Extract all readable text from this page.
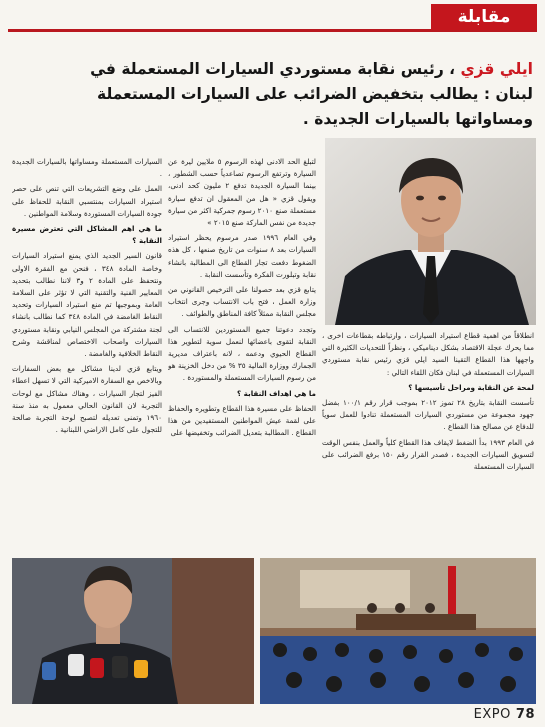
مقابلة
ايلي قزي ، رئيس نقابة مستوردي السيارات المستعملة في
لبنان : يطالب بتخفيض الضرائب على السيارات المستعملة
ومساواتها بالسيارات الجديدة .

انطلاقاً من اهمية قطاع استيراد السيارات ، وارتباطه بقطاعات اخرى ، مما يحرك عجلة الاقتصاد بشكل ديناميكي ، ونظراً للتحديات الكثيرة التي واجهها هذا القطاع التقينا السيد ايلي قزي رئيس نقابة مستوردي السيارات المستعملة في لبنان فكان اللقاء التالي :

لمحة عن النقابة ومراحل تأسيسها ؟

تأسست النقابة بتاريخ ٢٨ تموز ٢٠١٢ بموجب قرار رقم ١٠٠/١ بفضل جهود مجموعة من مستوردي السيارات المستعملة تنادوا للعمل سوياً للدفاع عن مصالح هذا القطاع .

في العام ١٩٩٣ بدأ الضغط لايقاف هذا القطاع كلياً والعمل بنفس الوقت لتسويق السيارات الجديدة ، فصدر القرار رقم ١٥٠ برفع الضرائب على السيارات المستعملة

لتبلغ الحد الادنى لهذه الرسوم ٥ ملايين ليرة عن السيارة وترتفع الرسوم تصاعدياً حسب الشطور ، بينما السيارة الجديدة تدفع ٢ مليون كحد ادنى، ويقول قزي « هل من المعقول ان تدفع سيارة مستعملة صنع ٢٠١٠ رسوم جمركية اكثر من سيارة جديدة من نفس الماركة صنع ٢٠١٥ »

وفي العام ١٩٩٦ صدر مرسوم يحظر استيراد السيارات بعد ٨ سنوات من تاريخ صنعها ، كل هذه الضغوط دفعت تجار القطاع الى المطالبة بانشاء نقابة وتبلورت الفكرة وتأسست النقابة .

يتابع قزي بعد حصولنا على الترخيص القانوني من وزارة العمل ، فتح باب الانتساب وجرى انتخاب مجلس النقابة ممثلاً كافة المناطق والطوائف .

وتجدد دعوتنا جميع المستوردين للانتساب الى النقابة لتقوى باعضائها لنعمل سوية لتطوير هذا القطاع الحيوي ودعمه ، لانه باعتراف مديرية الجمارك ووزارة المالية ٣٥ % من دخل الخزينة هو من رسوم السيارات المستعملة والمستوردة .

ما هي اهداف النقابة ؟

الحفاظ على مسيرة هذا القطاع وتطويره والحفاظ على لقمة عيش المواطنين المستفيدين من هذا القطاع . المطالبة بتعديل الضرائب وتخفيضها على

السيارات المستعملة ومساواتها بالسيارات الجديدة .

العمل على وضع التشريعات التي تنص على حصر استيراد السيارات بمنتسبي النقابة للحفاظ على جودة السيارات المستوردة وسلامة المواطنين .

ما هي اهم المشاكل التي تعترض مسيرة النقابة ؟

قانون السير الجديد الذي يمنع استيراد السيارات وخاصة المادة ٣٤٨ ، فنحن مع الفقرة الاولى ونتحفظ على المادة ٢ و٣ لاننا نطالب بتحديد المعايير الفنية والتقنية التي لا تؤثر على السلامة العامة وبموجبها تم منع استيراد السيارات وتحديد النقاط الغامضة في المادة ٣٤٨ كما نطالب بانشاء لجنة مشتركة من المجلس النيابي ونقابة مستوردي السيارات واصحاب الاختصاص لمناقشة وشرح النقاط الخلافية والغامضة .

ويتابع قزي لدينا مشاكل مع بعض السفارات وبالاخص مع السفارة الاميركية التي لا تسهل اعطاء الفيز لتجار السيارات ، وهناك مشاكل مع لوحات التجربة لان القانون الحالي معمول به منذ سنة ١٩٦٠ وتمنى تعديله لتصبح لوحة التجربة صالحة للتجول على كامل الاراضي اللبنانية .

EXPO 78
